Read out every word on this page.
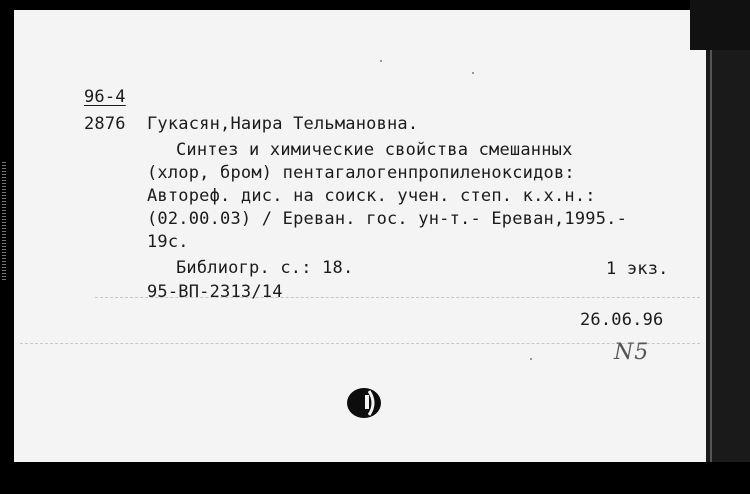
96-4
2876 Гукасян,Наира Тельмановна.
Синтез и химические свойства смешанных
(хлор, бром) пентагалогенпропиленоксидов:
Автореф. дис. на соиск. учен. степ. к.х.н.:
(02.00.03) / Ереван. гос. ун-т.- Ереван,1995.-
19с.
Библиогр. с.: 18.	1 экз.
95-ВП-2313/14
26.06.96
N5
